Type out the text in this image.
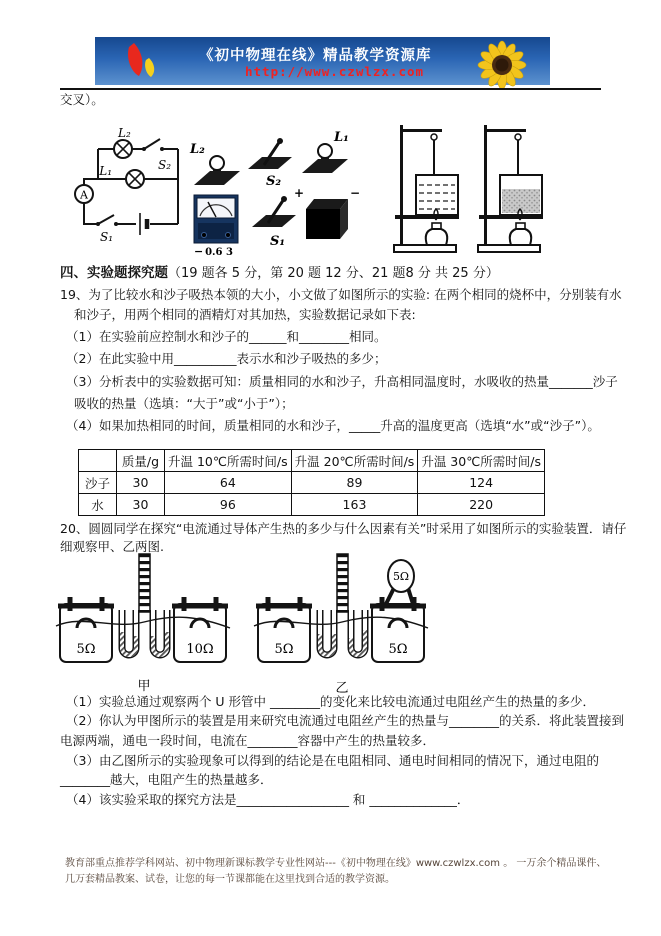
《初中物理在线》精品教学资源库
http://www.czwlzx.com
交叉）。
L₂
S₂
L₁
A
S₁
L₂
S₂
L₁
− 0.6 3
S₁
+	−
四、实验题探究题（19 题各 5 分，第 20 题 12 分、21 题8 分 共 25 分）
19、为了比较水和沙子吸热本领的大小，小文做了如图所示的实验: 在两个相同的烧杯中，分别装有水
和沙子，用两个相同的酒精灯对其加热，实验数据记录如下表:
（1）在实验前应控制水和沙子的______和________相同。
（2）在此实验中用__________表示水和沙子吸热的多少；
（3）分析表中的实验数据可知：质量相同的水和沙子，升高相同温度时，水吸收的热量_______沙子
吸收的热量（选填：“大于”或“小于”）；
（4）如果加热相同的时间，质量相同的水和沙子，_____升高的温度更高（选填“水”或“沙子”）。
	质量/g	升温 10℃所需时间/s	升温 20℃所需时间/s	升温 30℃所需时间/s
沙子	30	64	89	124
水	30	96	163	220
20、圆圆同学在探究“电流通过导体产生热的多少与什么因素有关”时采用了如图所示的实验装置．请仔
细观察甲、乙两图.
5Ω	10Ω
甲
5Ω	5Ω
5Ω
乙
（1）实验总通过观察两个 U 形管中 ________的变化来比较电流通过电阻丝产生的热量的多少．
（2）你认为甲图所示的装置是用来研究电流通过电阻丝产生的热量与________的关系．将此装置接到
电源两端，通电一段时间，电流在________容器中产生的热量较多．
（3）由乙图所示的实验现象可以得到的结论是在电阻相同、通电时间相同的情况下，通过电阻的
________越大，电阻产生的热量越多．
（4）该实验采取的探究方法是__________________ 和 ______________．
教育部重点推荐学科网站、初中物理新课标教学专业性网站---《初中物理在线》www.czwlzx.com 。 一万余个精品课件、
几万套精品教案、试卷，让您的每一节课都能在这里找到合适的教学资源。
